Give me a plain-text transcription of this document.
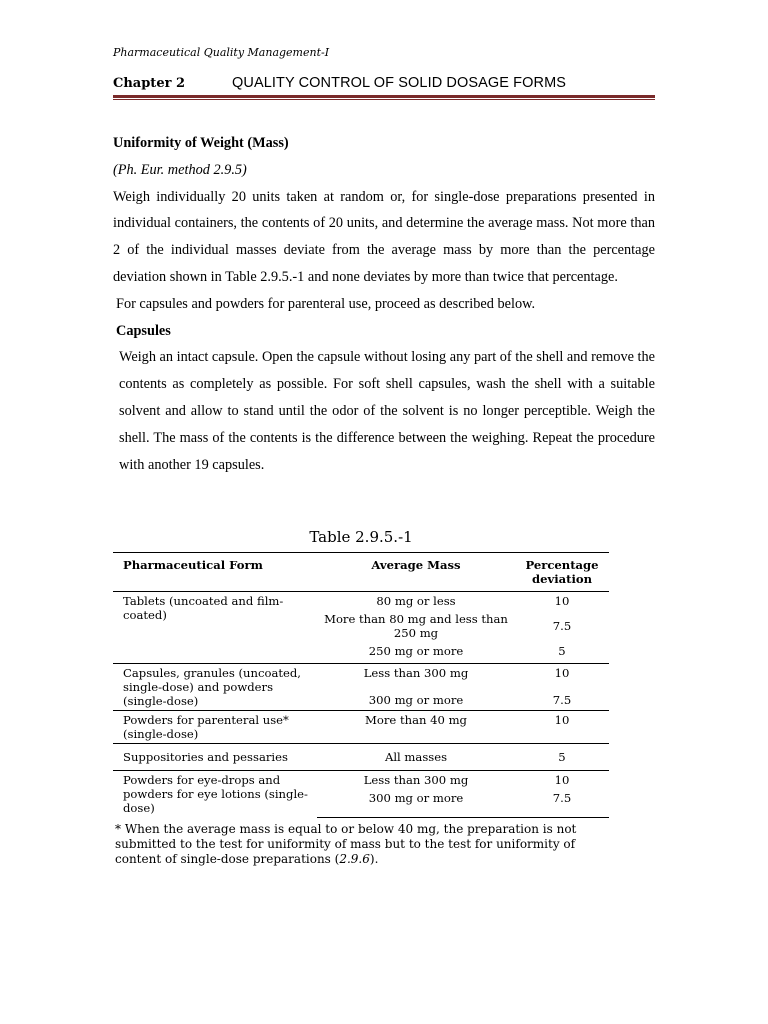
Pharmaceutical Quality Management-I
Chapter 2	QUALITY CONTROL OF SOLID DOSAGE FORMS

Uniformity of Weight (Mass)

(Ph. Eur. method 2.9.5)

Weigh individually 20 units taken at random or, for single-dose preparations presented in individual containers, the contents of 20 units, and determine the average mass. Not more than 2 of the individual masses deviate from the average mass by more than the percentage deviation shown in Table 2.9.5.-1 and none deviates by more than twice that percentage.

For capsules and powders for parenteral use, proceed as described below.

Capsules

Weigh an intact capsule. Open the capsule without losing any part of the shell and remove the contents as completely as possible. For soft shell capsules, wash the shell with a suitable solvent and allow to stand until the odor of the solvent is no longer perceptible. Weigh the shell. The mass of the contents is the difference between the weighing. Repeat the procedure with another 19 capsules.

Table 2.9.5.-1
Pharmaceutical Form	Average Mass	Percentage
deviation

Tablets (uncoated and film-coated)	80 mg or less	10
	More than 80 mg and less than 250 mg	7.5
	250 mg or more	5
Capsules, granules (uncoated, single-dose) and powders (single-dose)	Less than 300 mg	10
	300 mg or more	7.5
Powders for parenteral use* (single-dose)	More than 40 mg	10
Suppositories and pessaries	All masses	5
Powders for eye-drops and powders for eye lotions (single-dose)	Less than 300 mg	10
	300 mg or more	7.5
* When the average mass is equal to or below 40 mg, the preparation is not submitted to the test for uniformity of mass but to the test for uniformity of content of single-dose preparations (2.9.6).
